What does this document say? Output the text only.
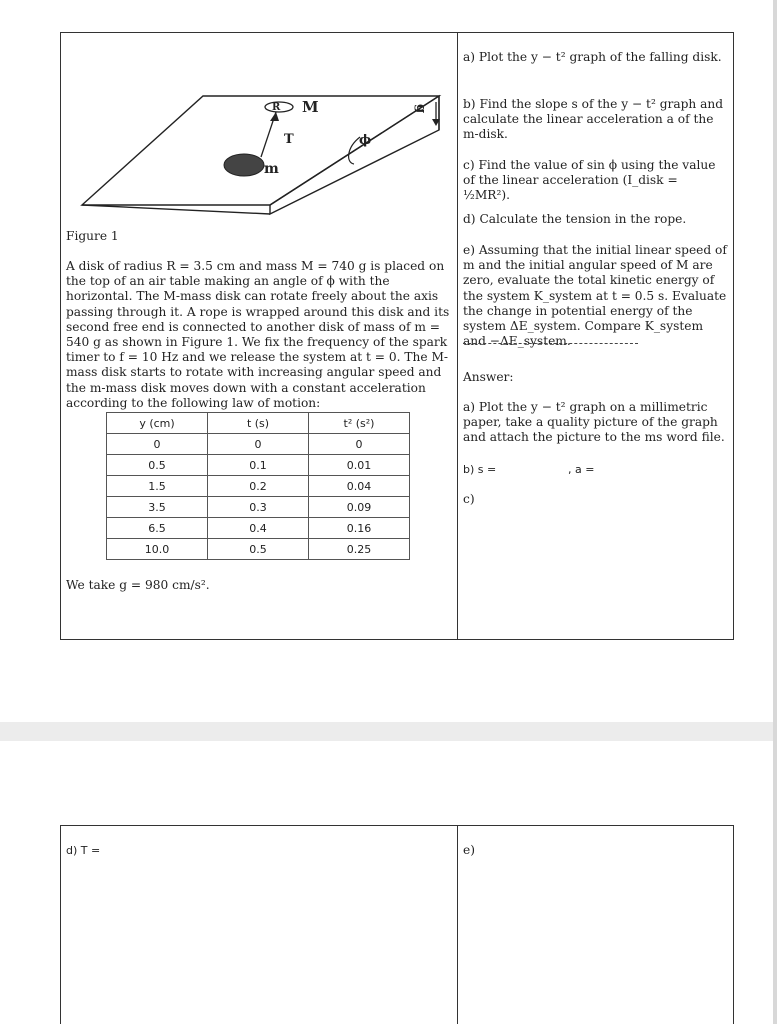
R M
T
m
ϕ
g
Figure 1
A disk of radius R = 3.5 cm and mass M = 740 g is placed on the top of an air table making an angle of ϕ with the horizontal. The M-mass disk can rotate freely about the axis passing through it. A rope is wrapped around this disk and its second free end is connected to another disk of mass of m = 540 g as shown in Figure 1. We fix the frequency of the spark timer to f = 10 Hz and we release the system at t = 0. The M-mass disk starts to rotate with increasing angular speed and the m-mass disk moves down with a constant acceleration according to the following law of motion:
y (cm)	t (s)	t² (s²)
0	0	0
0.5	0.1	0.01
1.5	0.2	0.04
3.5	0.3	0.09
6.5	0.4	0.16
10.0	0.5	0.25
We take g = 980 cm/s².
a) Plot the y − t² graph of the falling disk.
b) Find the slope s of the y − t² graph and calculate the linear acceleration a of the m-disk.
c) Find the value of sin ϕ using the value of the linear acceleration (I_disk = ½MR²).
d) Calculate the tension in the rope.
e) Assuming that the initial linear speed of m and the initial angular speed of M are zero, evaluate the total kinetic energy of the system K_system at t = 0.5 s. Evaluate the change in potential energy of the system ΔE_system. Compare K_system and −ΔE_system.
Answer:
a) Plot the y − t² graph on a millimetric paper, take a quality picture of the graph and attach the picture to the ms word file.
b) s =	, a =
c)
d) T =	e)
